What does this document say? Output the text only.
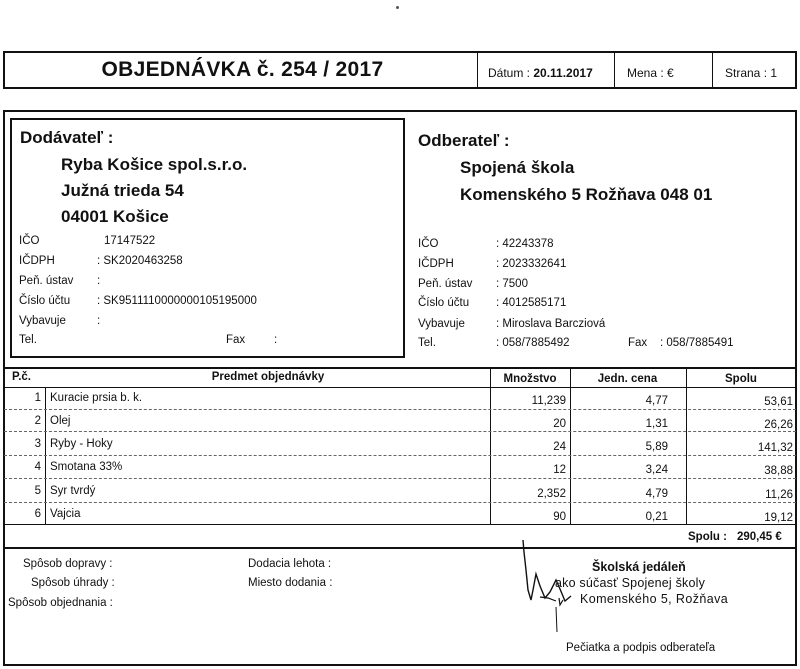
OBJEDNÁVKA č. 254 / 2017	Dátum : 20.11.2017	Mena : €	Strana : 1
Dodávateľ :
Ryba Košice spol.s.r.o.
Južná trieda 54
04001 Košice
IČO	17147522
IČDPH	: SK2020463258
Peň. ústav :
Číslo účtu : SK9511110000000105195000
Vybavuje	:
Tel.	Fax	:
Odberateľ :
Spojená škola
Komenského 5 Rožňava 048 01
IČO	: 42243378
IČDPH	: 2023332641
Peň. ústav : 7500
Číslo účtu : 4012585171
Vybavuje	: Miroslava Barcziová
Tel.	: 058/7885492	Fax : 058/7885491
P.č.	Predmet objednávky	Množstvo	Jedn. cena	Spolu
1 Kuracie prsia b. k.	11,239	4,77	53,61
2 Olej	20	1,31	26,26
3 Ryby - Hoky	24	5,89	141,32
4 Smotana 33%	12	3,24	38,88
5 Syr tvrdý	2,352	4,79	11,26
6 Vajcia	90	0,21	19,12
Spolu : 290,45 €
Spôsob dopravy :
Spôsob úhrady :
Spôsob objednania :
Dodacia lehota :
Miesto dodania :
Školská jedáleň
ako súčasť Spojenej školy
Komenského 5, Rožňava
Pečiatka a podpis odberateľa
